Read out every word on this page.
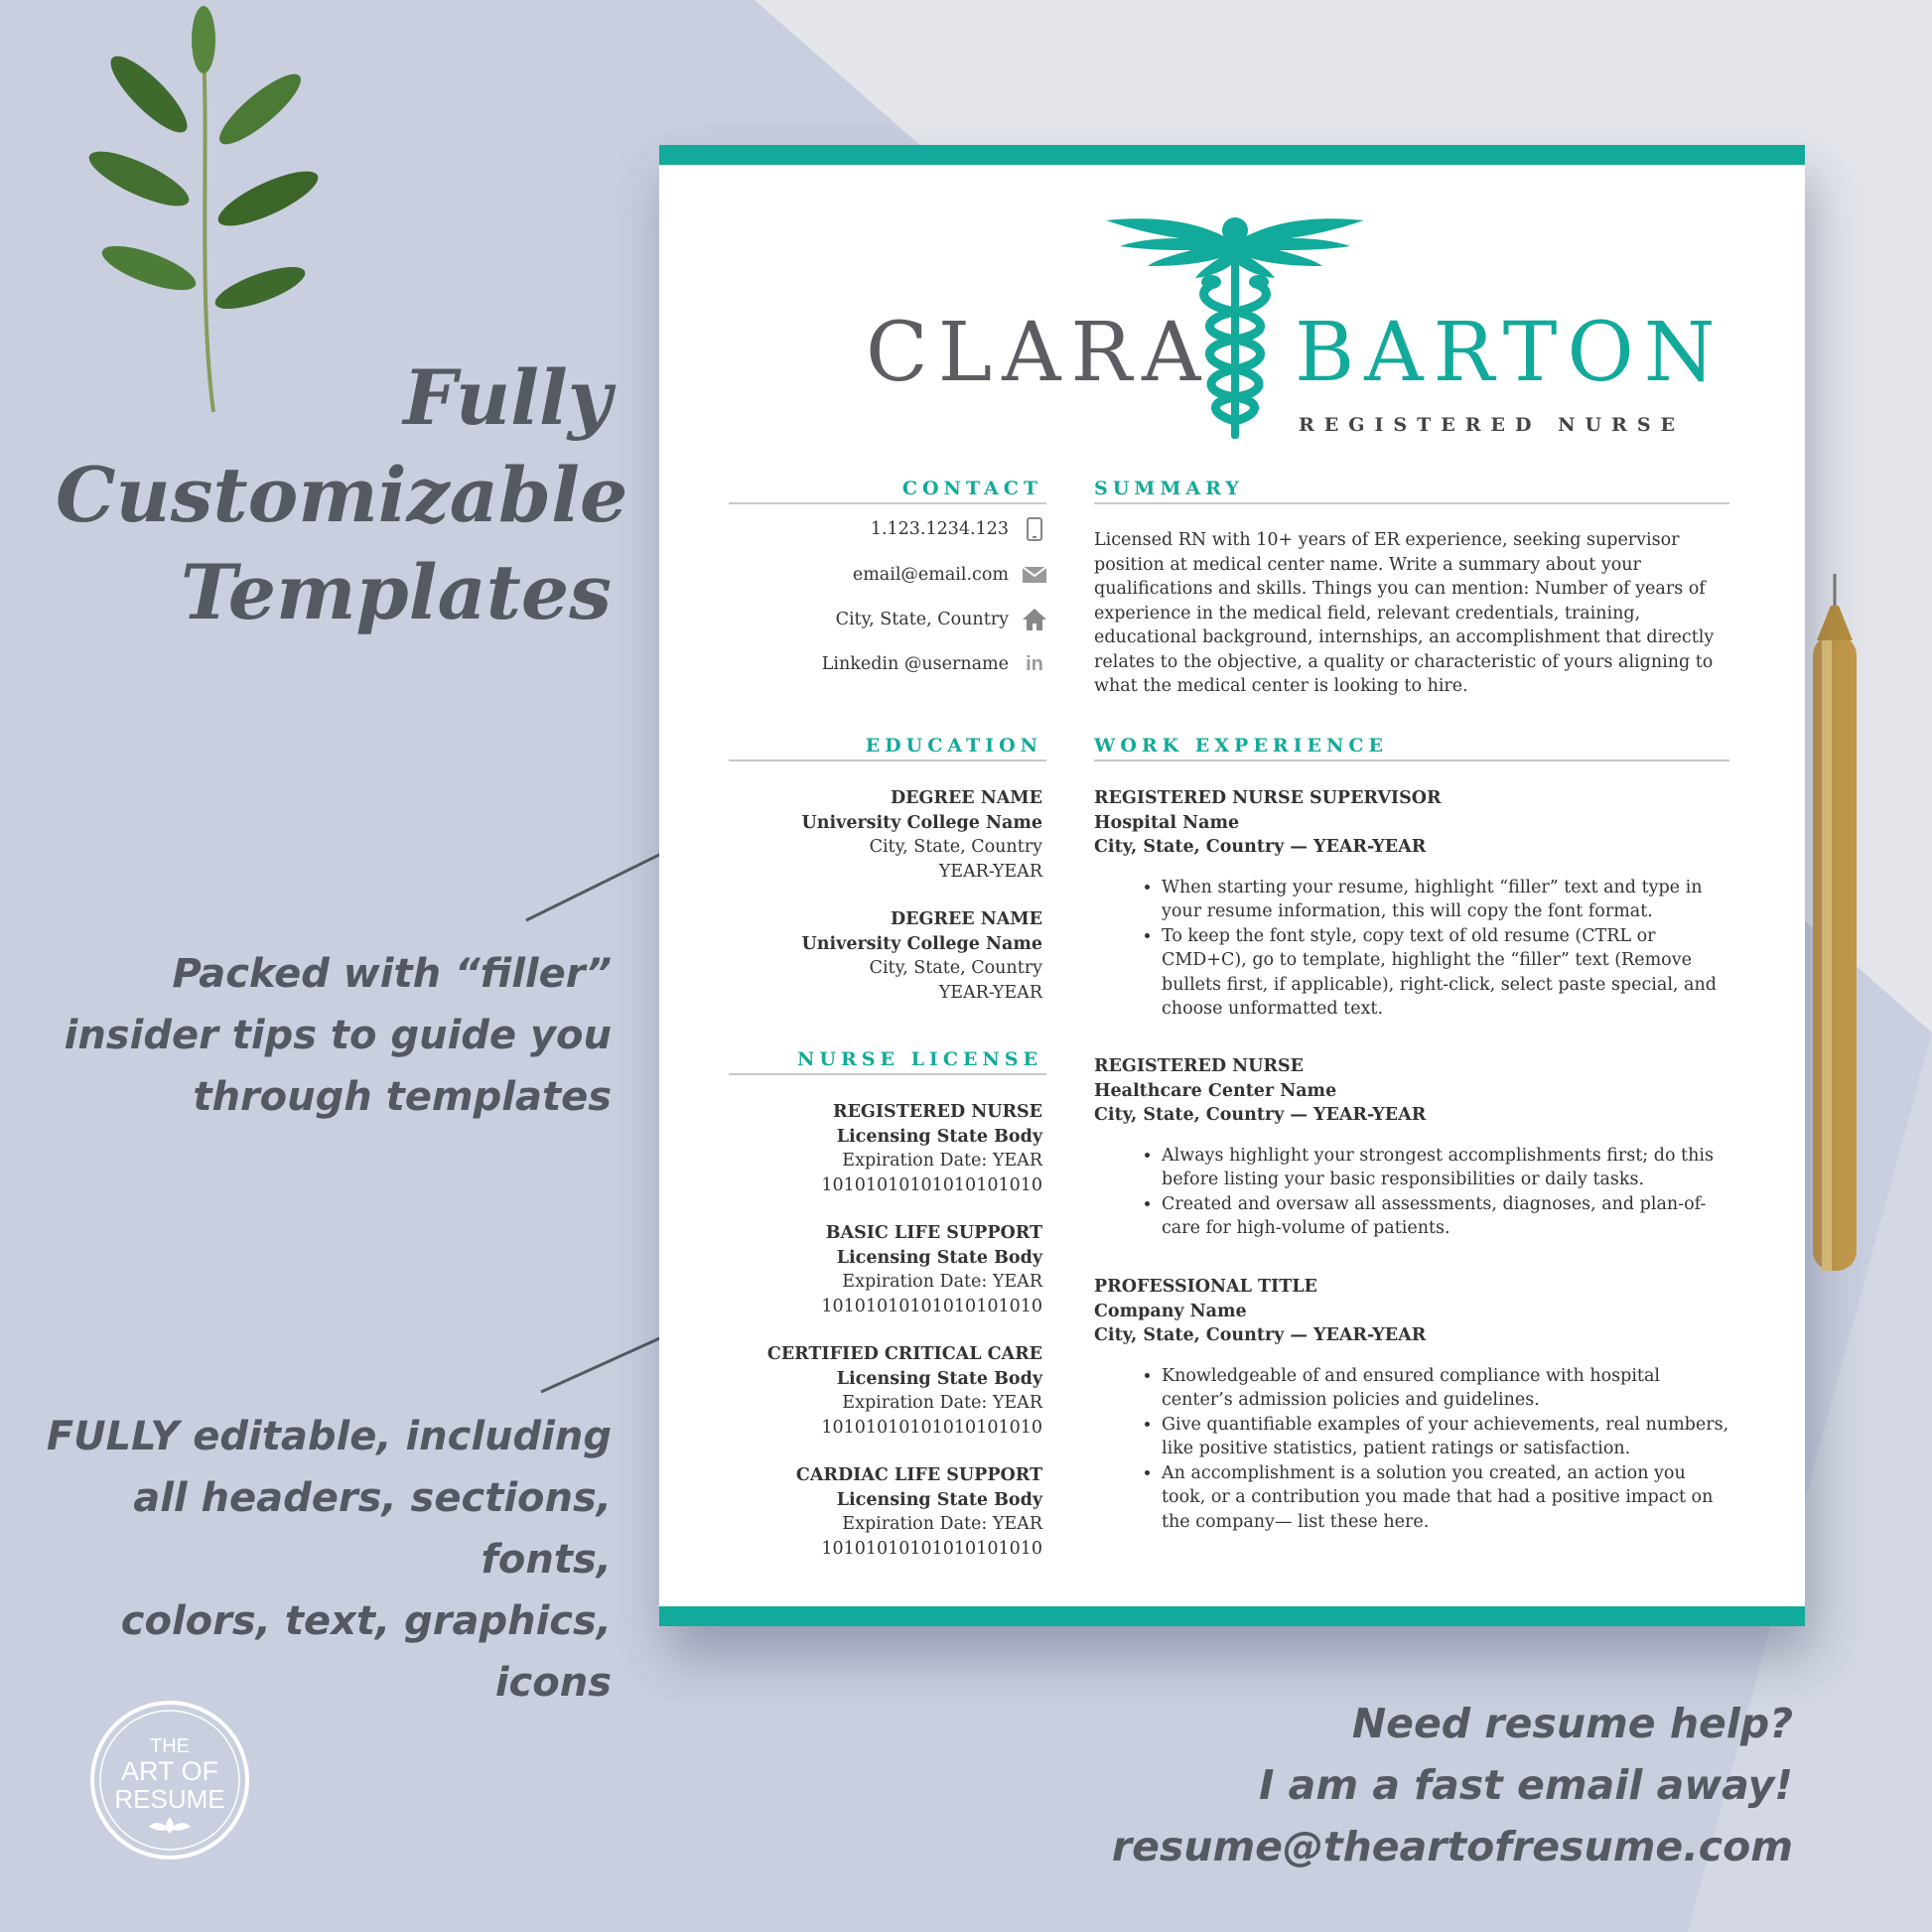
Fully
Customizable
Templates
Packed with “filler”
insider tips to guide you
through templates
FULLY editable, including
all headers, sections, fonts,
colors, text, graphics, icons
Need resume help?
I am a fast email away!
resume@theartofresume.com
THE
ART OF
RESUME
CLARA BARTON
REGISTERED NURSE
CONTACT
1.123.1234.123
email@email.com
City, State, Country
Linkedin @username in
SUMMARY
Licensed RN with 10+ years of ER experience, seeking supervisor position at medical center name. Write a summary about your qualifications and skills. Things you can mention: Number of years of experience in the medical field, relevant credentials, training, educational background, internships, an accomplishment that directly relates to the objective, a quality or characteristic of yours aligning to what the medical center is looking to hire.
EDUCATION
DEGREE NAME
University College Name
City, State, Country
YEAR-YEAR
DEGREE NAME
University College Name
City, State, Country
YEAR-YEAR
NURSE LICENSE
REGISTERED NURSE
Licensing State Body
Expiration Date: YEAR
10101010101010101010
BASIC LIFE SUPPORT
Licensing State Body
Expiration Date: YEAR
10101010101010101010
CERTIFIED CRITICAL CARE
Licensing State Body
Expiration Date: YEAR
10101010101010101010
CARDIAC LIFE SUPPORT
Licensing State Body
Expiration Date: YEAR
10101010101010101010
WORK EXPERIENCE
REGISTERED NURSE SUPERVISOR
Hospital Name
City, State, Country — YEAR-YEAR
• When starting your resume, highlight “filler” text and type in your resume information, this will copy the font format.
• To keep the font style, copy text of old resume (CTRL or CMD+C), go to template, highlight the “filler” text (Remove bullets first, if applicable), right-click, select paste special, and choose unformatted text.
REGISTERED NURSE
Healthcare Center Name
City, State, Country — YEAR-YEAR
• Always highlight your strongest accomplishments first; do this before listing your basic responsibilities or daily tasks.
• Created and oversaw all assessments, diagnoses, and plan-of-care for high-volume of patients.
PROFESSIONAL TITLE
Company Name
City, State, Country — YEAR-YEAR
• Knowledgeable of and ensured compliance with hospital center’s admission policies and guidelines.
• Give quantifiable examples of your achievements, real numbers, like positive statistics, patient ratings or satisfaction.
• An accomplishment is a solution you created, an action you took, or a contribution you made that had a positive impact on the company— list these here.
